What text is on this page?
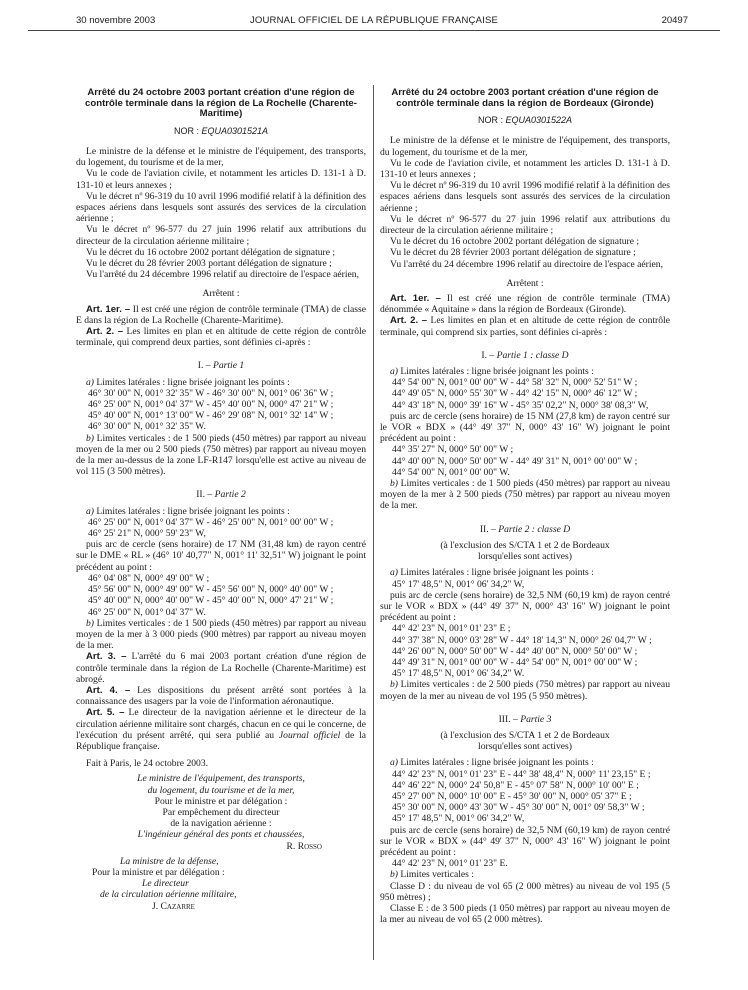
30 novembre 2003	JOURNAL OFFICIEL DE LA RÉPUBLIQUE FRANÇAISE	20497

Arrêté du 24 octobre 2003 portant création d'une région de contrôle terminale dans la région de La Rochelle (Charente-Maritime)

NOR : EQUA0301521A

Le ministre de la défense et le ministre de l'équipement, des transports, du logement, du tourisme et de la mer,

Vu le code de l'aviation civile, et notamment les articles D. 131-1 à D. 131-10 et leurs annexes ;

Vu le décret nº 96-319 du 10 avril 1996 modifié relatif à la définition des espaces aériens dans lesquels sont assurés des services de la circulation aérienne ;

Vu le décret nº 96-577 du 27 juin 1996 relatif aux attributions du directeur de la circulation aérienne militaire ;

Vu le décret du 16 octobre 2002 portant délégation de signature ;

Vu le décret du 28 février 2003 portant délégation de signature ;

Vu l'arrêté du 24 décembre 1996 relatif au directoire de l'espace aérien,

Arrêtent :

Art. 1er. – Il est créé une région de contrôle terminale (TMA) de classe E dans la région de La Rochelle (Charente-Maritime).

Art. 2. – Les limites en plan et en altitude de cette région de contrôle terminale, qui comprend deux parties, sont définies ci-après :

I. – Partie 1

a) Limites latérales : ligne brisée joignant les points :

46° 30' 00" N, 001° 32' 35" W - 46° 30' 00" N, 001° 06' 36" W ;

46° 25' 00" N, 001° 04' 37" W - 45° 40' 00" N, 000° 47' 21" W ;

45° 40' 00" N, 001° 13' 00" W - 46° 29' 08" N, 001° 32' 14" W ;

46° 30' 00" N, 001° 32' 35" W.

b) Limites verticales : de 1 500 pieds (450 mètres) par rapport au niveau moyen de la mer ou 2 500 pieds (750 mètres) par rapport au niveau moyen de la mer au-dessus de la zone LF-R147 lorsqu'elle est active au niveau de vol 115 (3 500 mètres).

II. – Partie 2

a) Limites latérales : ligne brisée joignant les points :

46° 25' 00" N, 001° 04' 37" W - 46° 25' 00" N, 001° 00' 00" W ;

46° 25' 21" N, 000° 59' 23" W,

puis arc de cercle (sens horaire) de 17 NM (31,48 km) de rayon centré sur le DME « RL » (46° 10' 40,77" N, 001° 11' 32,51" W) joignant le point précédent au point :

46° 04' 08" N, 000° 49' 00" W ;

45° 56' 00" N, 000° 49' 00" W - 45° 56' 00" N, 000° 40' 00" W ;

45° 40' 00" N, 000° 40' 00" W - 45° 40' 00" N, 000° 47' 21" W ;

46° 25' 00" N, 001° 04' 37" W.

b) Limites verticales : de 1 500 pieds (450 mètres) par rapport au niveau moyen de la mer à 3 000 pieds (900 mètres) par rapport au niveau moyen de la mer.

Art. 3. – L'arrêté du 6 mai 2003 portant création d'une région de contrôle terminale dans la région de La Rochelle (Charente-Maritime) est abrogé.

Art. 4. – Les dispositions du présent arrêté sont portées à la connaissance des usagers par la voie de l'information aéronautique.

Art. 5. – Le directeur de la navigation aérienne et le directeur de la circulation aérienne militaire sont chargés, chacun en ce qui le concerne, de l'exécution du présent arrêté, qui sera publié au Journal officiel de la République française.

Fait à Paris, le 24 octobre 2003.

Le ministre de l'équipement, des transports,

du logement, du tourisme et de la mer,

Pour le ministre et par délégation :

Par empêchement du directeur

de la navigation aérienne :

L'ingénieur général des ponts et chaussées,

R. Rosso

La ministre de la défense,

Pour la ministre et par délégation :

Le directeur

de la circulation aérienne militaire,

J. Cazarre

Arrêté du 24 octobre 2003 portant création d'une région de contrôle terminale dans la région de Bordeaux (Gironde)

NOR : EQUA0301522A

Le ministre de la défense et le ministre de l'équipement, des transports, du logement, du tourisme et de la mer,

Vu le code de l'aviation civile, et notamment les articles D. 131-1 à D. 131-10 et leurs annexes ;

Vu le décret nº 96-319 du 10 avril 1996 modifié relatif à la définition des espaces aériens dans lesquels sont assurés des services de la circulation aérienne ;

Vu le décret nº 96-577 du 27 juin 1996 relatif aux attributions du directeur de la circulation aérienne militaire ;

Vu le décret du 16 octobre 2002 portant délégation de signature ;

Vu le décret du 28 février 2003 portant délégation de signature ;

Vu l'arrêté du 24 décembre 1996 relatif au directoire de l'espace aérien,

Arrêtent :

Art. 1er. – Il est créé une région de contrôle terminale (TMA) dénommée « Aquitaine » dans la région de Bordeaux (Gironde).

Art. 2. – Les limites en plan et en altitude de cette région de contrôle terminale, qui comprend six parties, sont définies ci-après :

I. – Partie 1 : classe D

a) Limites latérales : ligne brisée joignant les points :

44° 54' 00" N, 001° 00' 00" W - 44° 58' 32" N, 000° 52' 51" W ;

44° 49' 05" N, 000° 55' 30" W - 44° 42' 15" N, 000° 46' 12" W ;

44° 43' 18" N, 000° 39' 16" W - 45° 35' 02,2" N, 000° 38' 08,3" W,

puis arc de cercle (sens horaire) de 15 NM (27,8 km) de rayon centré sur le VOR « BDX » (44° 49' 37" N, 000° 43' 16" W) joignant le point précédent au point :

44° 35' 27" N, 000° 50' 00" W ;

44° 40' 00" N, 000° 50' 00" W - 44° 49' 31" N, 001° 00' 00" W ;

44° 54' 00" N, 001° 00' 00" W.

b) Limites verticales : de 1 500 pieds (450 mètres) par rapport au niveau moyen de la mer à 2 500 pieds (750 mètres) par rapport au niveau moyen de la mer.

II. – Partie 2 : classe D

(à l'exclusion des S/CTA 1 et 2 de Bordeaux

lorsqu'elles sont actives)

a) Limites latérales : ligne brisée joignant les points :

45° 17' 48,5" N, 001° 06' 34,2" W,

puis arc de cercle (sens horaire) de 32,5 NM (60,19 km) de rayon centré sur le VOR « BDX » (44° 49' 37" N, 000° 43' 16" W) joignant le point précédent au point :

44° 42' 23" N, 001° 01' 23" E ;

44° 37' 38" N, 000° 03' 28" W - 44° 18' 14,3" N, 000° 26' 04,7" W ;

44° 26' 00" N, 000° 50' 00" W - 44° 40' 00" N, 000° 50' 00" W ;

44° 49' 31" N, 001° 00' 00" W - 44° 54' 00" N, 001° 00' 00" W ;

45° 17' 48,5" N, 001° 06' 34,2" W.

b) Limites verticales : de 2 500 pieds (750 mètres) par rapport au niveau moyen de la mer au niveau de vol 195 (5 950 mètres).

III. – Partie 3

(à l'exclusion des S/CTA 1 et 2 de Bordeaux

lorsqu'elles sont actives)

a) Limites latérales : ligne brisée joignant les points :

44° 42' 23" N, 001° 01' 23" E - 44° 38' 48,4" N, 000° 11' 23,15" E ;

44° 46' 22" N, 000° 24' 50,8" E - 45° 07' 58" N, 000° 10' 00" E ;

45° 27' 00" N, 000° 10' 00" E - 45° 30' 00" N, 000° 05' 37" E ;

45° 30' 00" N, 000° 43' 30" W - 45° 30' 00" N, 001° 09' 58,3" W ;

45° 17' 48,5" N, 001° 06' 34,2" W,

puis arc de cercle (sens horaire) de 32,5 NM (60,19 km) de rayon centré sur le VOR « BDX » (44° 49' 37" N, 000° 43' 16" W) joignant le point précédent au point :

44° 42' 23" N, 001° 01' 23" E.

b) Limites verticales :

Classe D : du niveau de vol 65 (2 000 mètres) au niveau de vol 195 (5 950 mètres) ;

Classe E : de 3 500 pieds (1 050 mètres) par rapport au niveau moyen de la mer au niveau de vol 65 (2 000 mètres).
